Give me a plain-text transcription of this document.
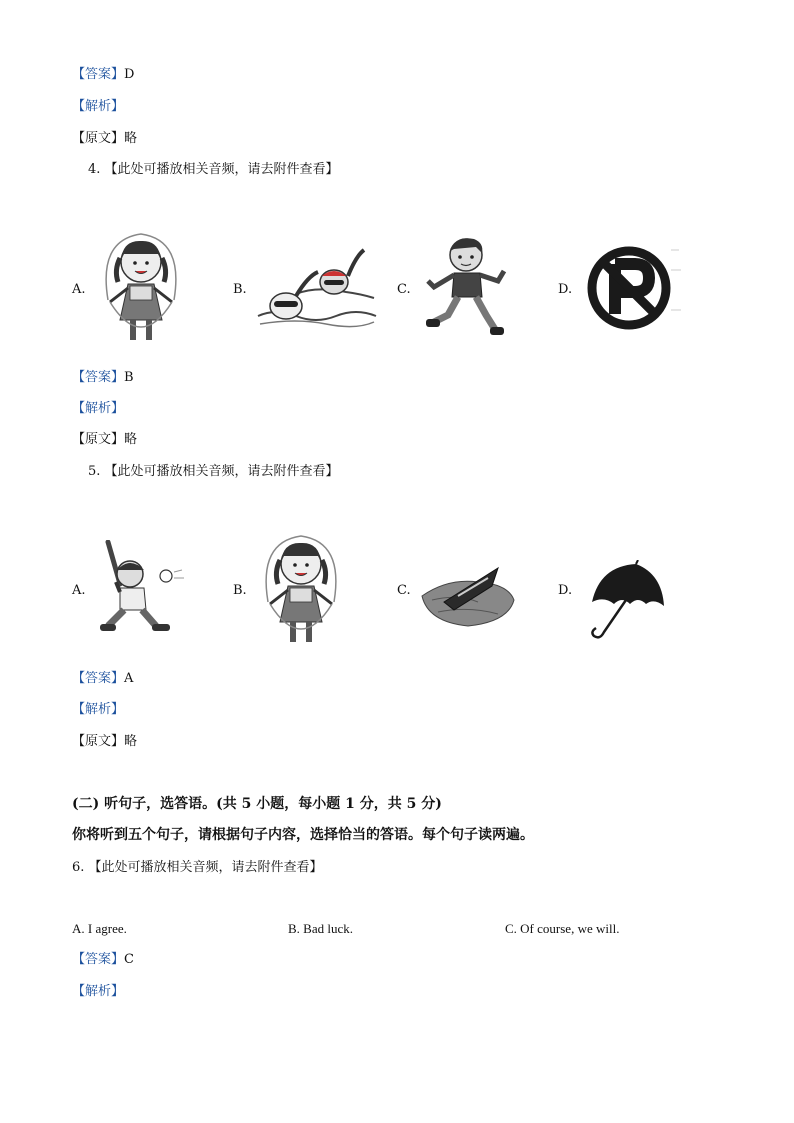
【答案】D
【解析】
【原文】略
4. 【此处可播放相关音频，请去附件查看】
A.	B.	C.	D.
【答案】B
【解析】
【原文】略
5. 【此处可播放相关音频，请去附件查看】
A.	B.	C.	D.
【答案】A
【解析】
【原文】略
(二) 听句子，选答语。(共 5 小题，每小题 1 分，共 5 分)
你将听到五个句子，请根据句子内容，选择恰当的答语。每个句子读两遍。
6. 【此处可播放相关音频，请去附件查看】
A. I agree.	B. Bad luck.	C. Of course, we will.
【答案】C
【解析】
